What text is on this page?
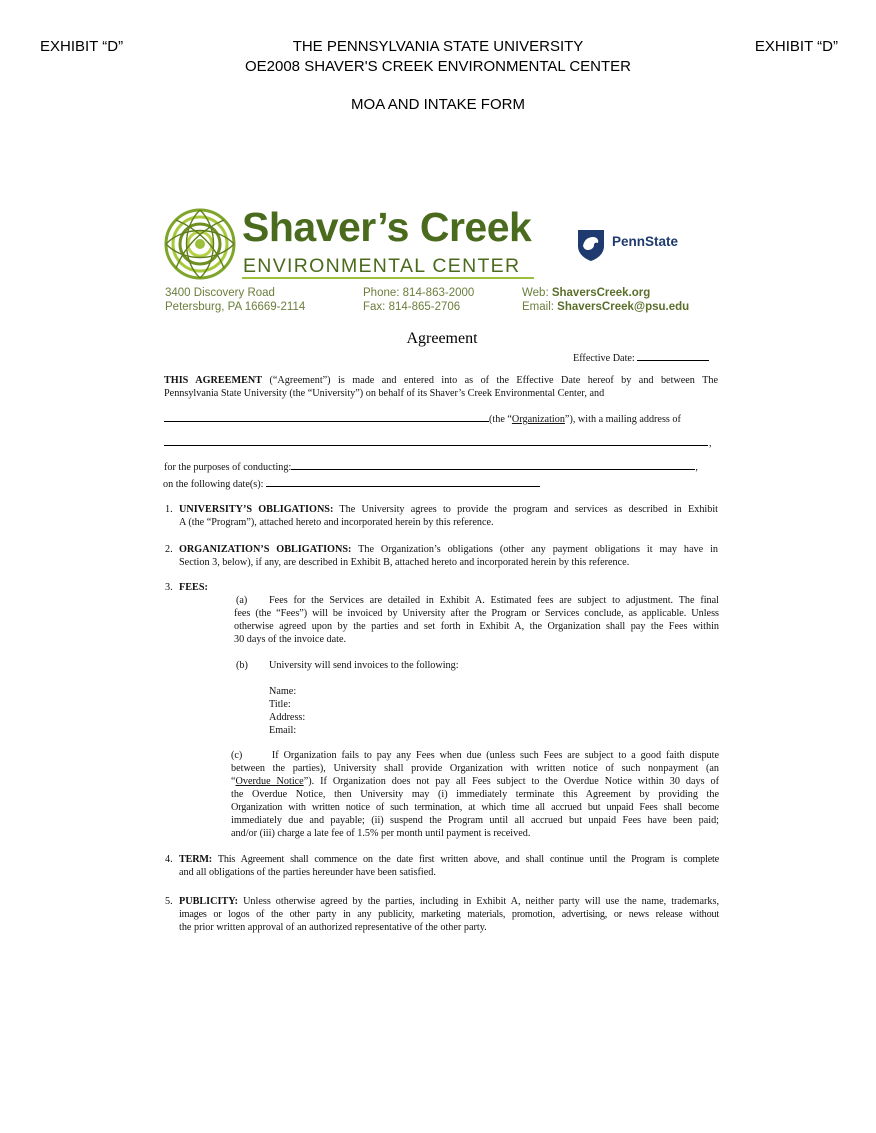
EXHIBIT “D”	EXHIBIT “D”
THE PENNSYLVANIA STATE UNIVERSITY
OE2008 SHAVER'S CREEK ENVIRONMENTAL CENTER
MOA AND INTAKE FORM
Shaver’s Creek
ENVIRONMENTAL CENTER
PennState
3400 Discovery Road
Petersburg, PA 16669-2114
Phone: 814-863-2000
Fax: 814-865-2706
Web: ShaversCreek.org
Email: ShaversCreek@psu.edu
Agreement
Effective Date:
THIS AGREEMENT (“Agreement”) is made and entered into as of the Effective Date hereof by and between The
Pennsylvania State University (the “University”) on behalf of its Shaver’s Creek Environmental Center, and
(the “Organization”), with a mailing address of
,
for the purposes of conducting:	,
on the following date(s):
1. UNIVERSITY’S OBLIGATIONS: The University agrees to provide the program and services as described in Exhibit
A (the “Program”), attached hereto and incorporated herein by this reference.
2. ORGANIZATION’S OBLIGATIONS: The Organization’s obligations (other any payment obligations it may have in
Section 3, below), if any, are described in Exhibit B, attached hereto and incorporated herein by this reference.
3. FEES:
(a)	Fees for the Services are detailed in Exhibit A. Estimated fees are subject to adjustment. The final
fees (the “Fees”) will be invoiced by University after the Program or Services conclude, as applicable. Unless
otherwise agreed upon by the parties and set forth in Exhibit A, the Organization shall pay the Fees within
30 days of the invoice date.
(b) University will send invoices to the following:
Name:
Title:
Address:
Email:
(c)	If Organization fails to pay any Fees when due (unless such Fees are subject to a good faith dispute
between the parties), University shall provide Organization with written notice of such nonpayment (an
“Overdue Notice”). If Organization does not pay all Fees subject to the Overdue Notice within 30 days of
the Overdue Notice, then University may (i) immediately terminate this Agreement by providing the
Organization with written notice of such termination, at which time all accrued but unpaid Fees shall become
immediately due and payable; (ii) suspend the Program until all accrued but unpaid Fees have been paid;
and/or (iii) charge a late fee of 1.5% per month until payment is received.
4. TERM: This Agreement shall commence on the date first written above, and shall continue until the Program is complete
and all obligations of the parties hereunder have been satisfied.
5. PUBLICITY: Unless otherwise agreed by the parties, including in Exhibit A, neither party will use the name, trademarks,
images or logos of the other party in any publicity, marketing materials, promotion, advertising, or news release without
the prior written approval of an authorized representative of the other party.
